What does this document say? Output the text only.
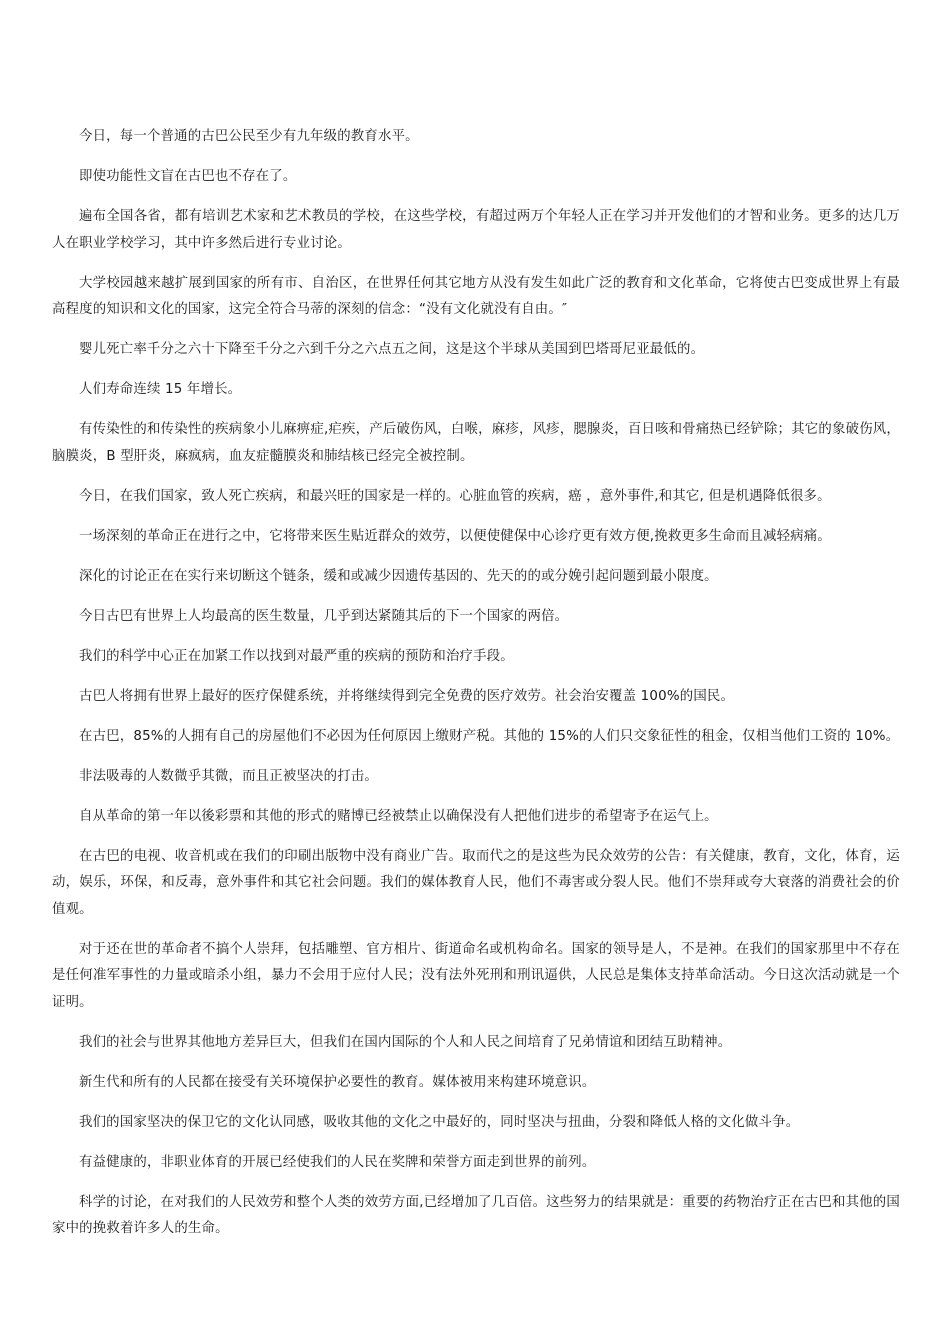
今日，每一个普通的古巴公民至少有九年级的教育水平。

即使功能性文盲在古巴也不存在了。

遍布全国各省，都有培训艺术家和艺术教员的学校，在这些学校，有超过两万个年轻人正在学习并开发他们的才智和业务。更多的达几万人在职业学校学习，其中许多然后进行专业讨论。

大学校园越来越扩展到国家的所有市、自治区，在世界任何其它地方从没有发生如此广泛的教育和文化革命，它将使古巴变成世界上有最高程度的知识和文化的国家，这完全符合马蒂的深刻的信念：“没有文化就没有自由。″

婴儿死亡率千分之六十下降至千分之六到千分之六点五之间，这是这个半球从美国到巴塔哥尼亚最低的。

人们寿命连续 15 年增长。

有传染性的和传染性的疾病象小儿麻痹症,疟疾，产后破伤风，白喉，麻疹，风疹，腮腺炎，百日咳和骨痛热已经铲除；其它的象破伤风，脑膜炎，B 型肝炎，麻疯病，血友症髓膜炎和肺结核已经完全被控制。

今日，在我们国家，致人死亡疾病，和最兴旺的国家是一样的。心脏血管的疾病，癌 ，意外事件,和其它, 但是机遇降低很多。

一场深刻的革命正在进行之中，它将带来医生贴近群众的效劳，以便使健保中心诊疗更有效方便,挽救更多生命而且减轻病痛。

深化的讨论正在在实行来切断这个链条，缓和或减少因遗传基因的、先天的的或分娩引起问题到最小限度。

今日古巴有世界上人均最高的医生数量，几乎到达紧随其后的下一个国家的两倍。

我们的科学中心正在加紧工作以找到对最严重的疾病的预防和治疗手段。

古巴人将拥有世界上最好的医疗保健系统，并将继续得到完全免费的医疗效劳。社会治安覆盖 100%的国民。

在古巴，85%的人拥有自己的房屋他们不必因为任何原因上缴财产税。其他的 15%的人们只交象征性的租金，仅相当他们工资的 10%。

非法吸毒的人数微乎其微，而且正被坚决的打击。

自从革命的第一年以後彩票和其他的形式的赌博已经被禁止以确保没有人把他们进步的希望寄予在运气上。

在古巴的电视、收音机或在我们的印刷出版物中没有商业广告。取而代之的是这些为民众效劳的公告：有关健康，教育，文化，体育，运动，娱乐，环保，和反毒，意外事件和其它社会问题。我们的媒体教育人民，他们不毒害或分裂人民。他们不崇拜或夸大衰落的消费社会的价值观。

对于还在世的革命者不搞个人崇拜，包括雕塑、官方相片、街道命名或机构命名。国家的领导是人，不是神。在我们的国家那里中不存在是任何准军事性的力量或暗杀小组，暴力不会用于应付人民；没有法外死刑和刑讯逼供，人民总是集体支持革命活动。今日这次活动就是一个证明。

我们的社会与世界其他地方差异巨大，但我们在国内国际的个人和人民之间培育了兄弟情谊和团结互助精神。

新生代和所有的人民都在接受有关环境保护必要性的教育。媒体被用来构建环境意识。

我们的国家坚决的保卫它的文化认同感，吸收其他的文化之中最好的，同时坚决与扭曲，分裂和降低人格的文化做斗争。

有益健康的，非职业体育的开展已经使我们的人民在奖牌和荣誉方面走到世界的前列。

科学的讨论，在对我们的人民效劳和整个人类的效劳方面,已经增加了几百倍。这些努力的结果就是：重要的药物治疗正在古巴和其他的国家中的挽救着许多人的生命。
